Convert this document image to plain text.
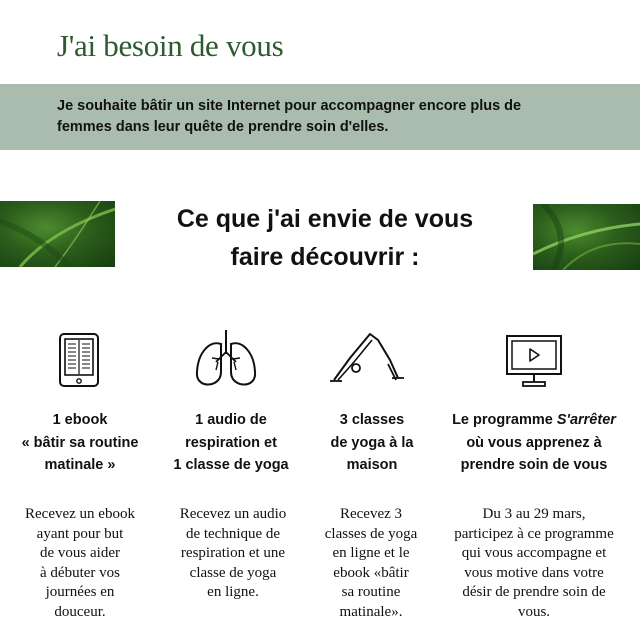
J'ai besoin de vous
Je souhaite bâtir un site Internet pour accompagner encore plus de
femmes dans leur quête de prendre soin d'elles.
Ce que j'ai envie de vous
faire découvrir :
1 ebook
« bâtir sa routine
matinale »
1 audio de
respiration et
1 classe de yoga
3 classes
de yoga à la
maison
Le programme S'arrêter
où vous apprenez à
prendre soin de vous
Recevez un ebook
ayant pour but
de vous aider
à débuter vos
journées en
douceur.
Recevez un audio
de technique de
respiration et une
classe de yoga
en ligne.
Recevez 3
classes de yoga
en ligne et le
ebook «bâtir
sa routine
matinale».
Du 3 au 29 mars,
participez à ce programme
qui vous accompagne et
vous motive dans votre
désir de prendre soin de
vous.
